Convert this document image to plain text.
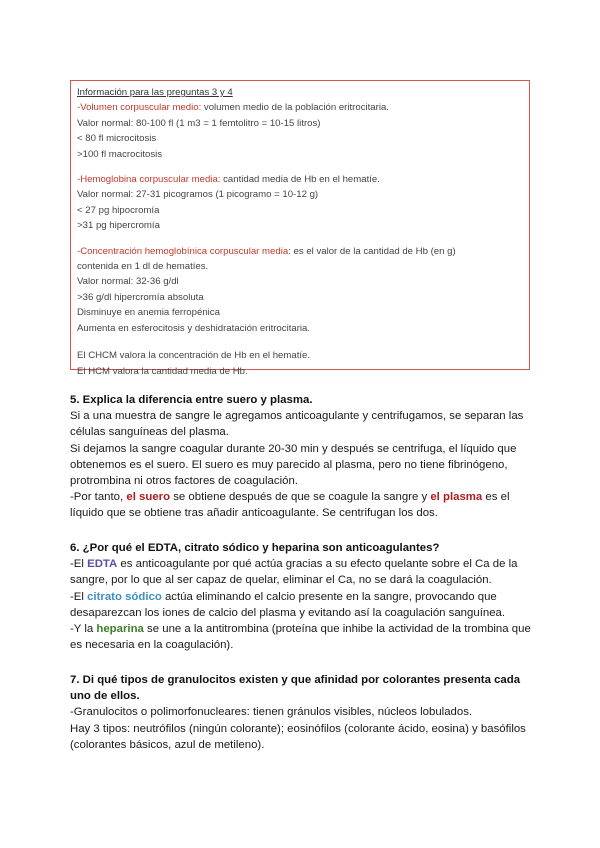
Información para las preguntas 3 y 4
-Volumen corpuscular medio: volumen medio de la población eritrocitaria.
Valor normal: 80-100 fl (1 m3 = 1 femtolitro = 10-15 litros)
< 80 fl microcitosis
>100 fl macrocitosis
-Hemoglobina corpuscular media: cantidad media de Hb en el hematíe.
Valor normal: 27-31 picogramos (1 picogramo = 10-12 g)
< 27 pg hipocromía
>31 pg hipercromía
-Concentración hemoglobínica corpuscular media: es el valor de la cantidad de Hb (en g)
contenida en 1 dl de hematíes.
Valor normal: 32-36 g/dl
>36 g/dl hipercromía absoluta
Disminuye en anemia ferropénica
Aumenta en esferocitosis y deshidratación eritrocitaria.
El CHCM valora la concentración de Hb en el hematíe.
El HCM valora la cantidad media de Hb.
5. Explica la diferencia entre suero y plasma.
Si a una muestra de sangre le agregamos anticoagulante y centrifugamos, se separan las
células sanguíneas del plasma.
Si dejamos la sangre coagular durante 20-30 min y después se centrifuga, el líquido que
obtenemos es el suero. El suero es muy parecido al plasma, pero no tiene fibrinógeno,
protrombina ni otros factores de coagulación.
-Por tanto, el suero se obtiene después de que se coagule la sangre y el plasma es el
líquido que se obtiene tras añadir anticoagulante. Se centrifugan los dos.
6. ¿Por qué el EDTA, citrato sódico y heparina son anticoagulantes?
-El EDTA es anticoagulante por qué actúa gracias a su efecto quelante sobre el Ca de la
sangre, por lo que al ser capaz de quelar, eliminar el Ca, no se dará la coagulación.
-El citrato sódico actúa eliminando el calcio presente en la sangre, provocando que
desaparezcan los iones de calcio del plasma y evitando así la coagulación sanguínea.
-Y la heparina se une a la antitrombina (proteína que inhibe la actividad de la trombina que
es necesaria en la coagulación).
7. Di qué tipos de granulocitos existen y que afinidad por colorantes presenta cada
uno de ellos.
-Granulocitos o polimorfonucleares: tienen gránulos visibles, núcleos lobulados.
Hay 3 tipos: neutrófilos (ningún colorante); eosinófilos (colorante ácido, eosina) y basófilos
(colorantes básicos, azul de metileno).
